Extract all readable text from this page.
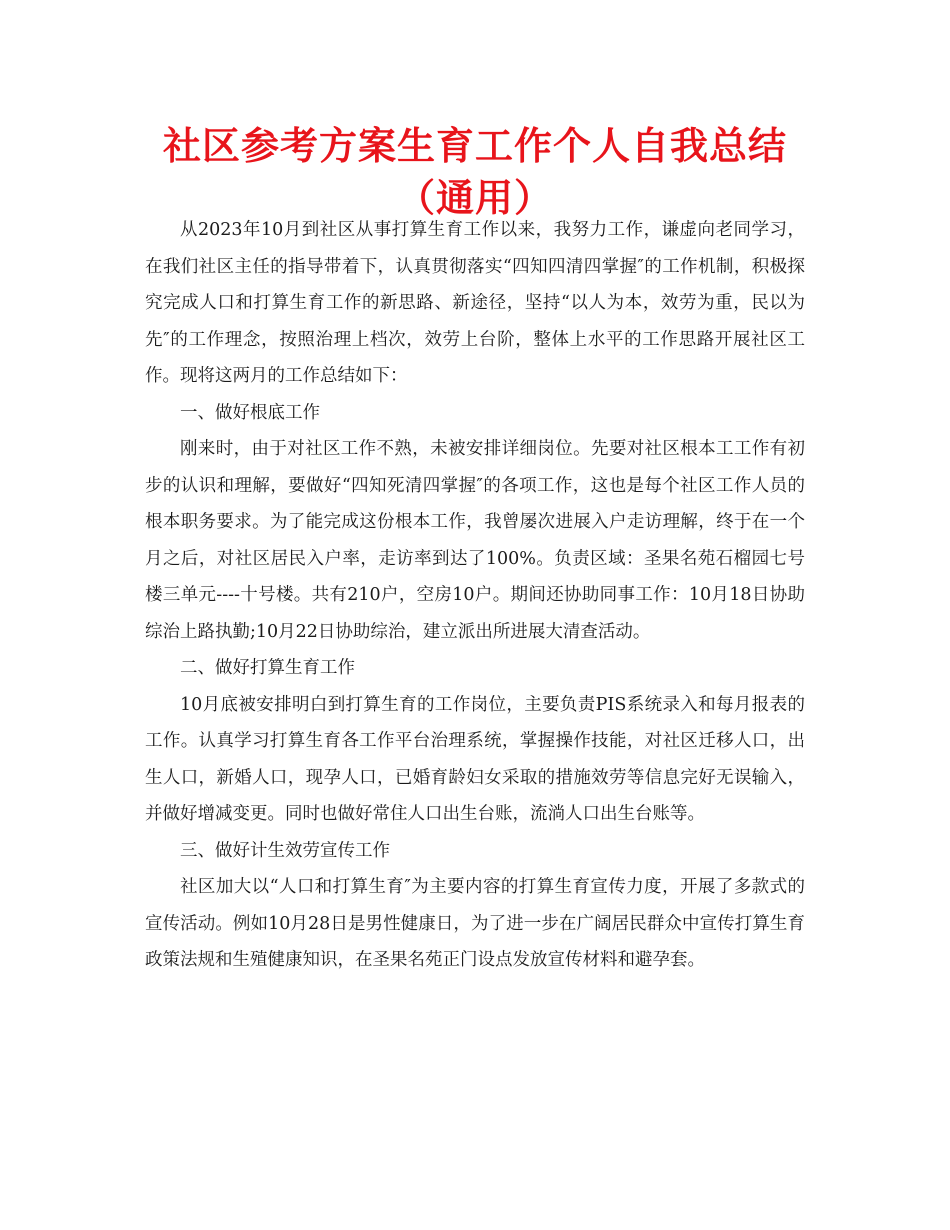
社区参考方案生育工作个人自我总结（通用）

从2023年10月到社区从事打算生育工作以来，我努力工作，谦虚向老同学习，在我们社区主任的指导带着下，认真贯彻落实“四知四清四掌握″的工作机制，积极探究完成人口和打算生育工作的新思路、新途径，坚持“以人为本，效劳为重，民以为先″的工作理念，按照治理上档次，效劳上台阶，整体上水平的工作思路开展社区工作。现将这两月的工作总结如下：

一、做好根底工作

刚来时，由于对社区工作不熟，未被安排详细岗位。先要对社区根本工工作有初步的认识和理解，要做好“四知死清四掌握″的各项工作，这也是每个社区工作人员的根本职务要求。为了能完成这份根本工作，我曾屡次进展入户走访理解，终于在一个月之后，对社区居民入户率，走访率到达了100%。负责区域：圣果名苑石榴园七号楼三单元----十号楼。共有210户，空房10户。期间还协助同事工作：10月18日协助综治上路执勤;10月22日协助综治，建立派出所进展大清查活动。

二、做好打算生育工作

10月底被安排明白到打算生育的工作岗位，主要负责PIS系统录入和每月报表的工作。认真学习打算生育各工作平台治理系统，掌握操作技能，对社区迁移人口，出生人口，新婚人口，现孕人口，已婚育龄妇女采取的措施效劳等信息完好无误输入，并做好增减变更。同时也做好常住人口出生台账，流淌人口出生台账等。

三、做好计生效劳宣传工作

社区加大以“人口和打算生育″为主要内容的打算生育宣传力度，开展了多款式的宣传活动。例如10月28日是男性健康日，为了进一步在广阔居民群众中宣传打算生育政策法规和生殖健康知识，在圣果名苑正门设点发放宣传材料和避孕套。
